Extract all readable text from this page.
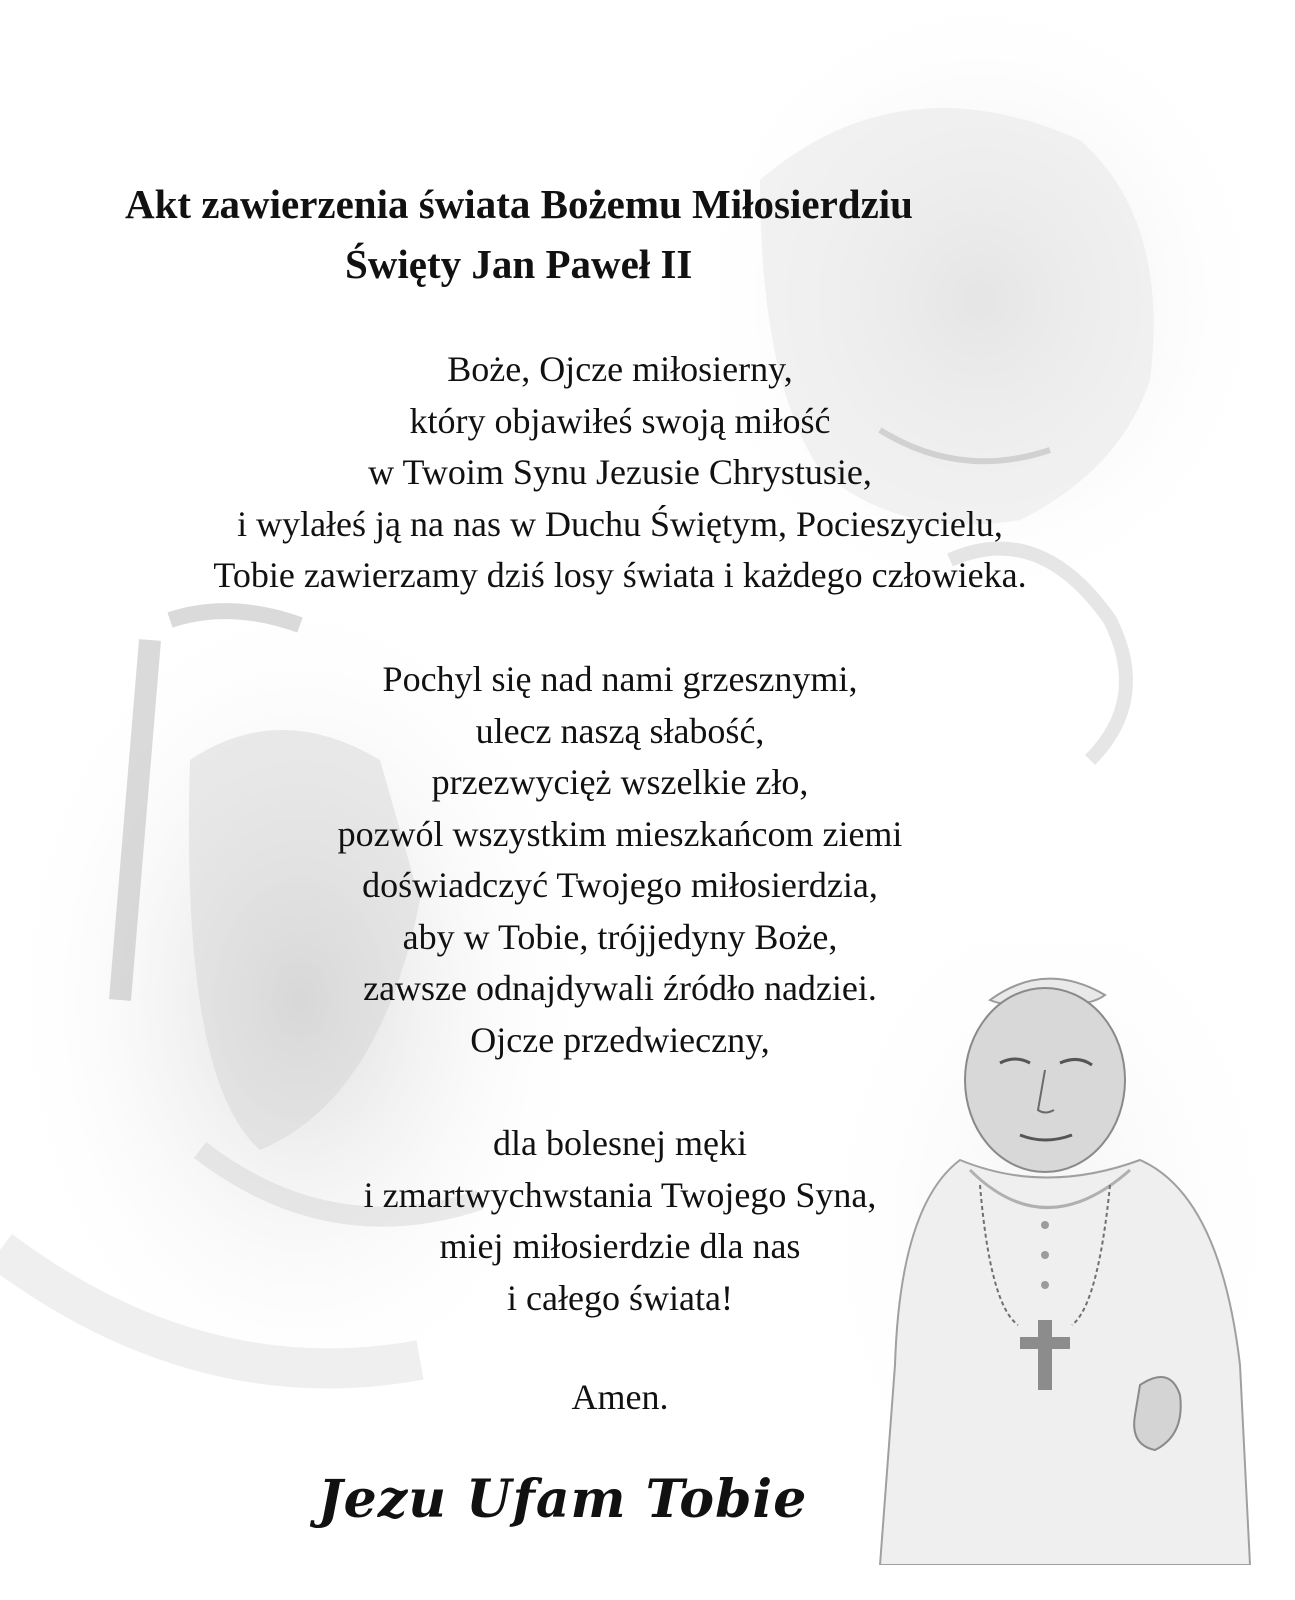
Akt zawierzenia świata Bożemu Miłosierdziu
Święty Jan Paweł II

Boże, Ojcze miłosierny,
który objawiłeś swoją miłość
w Twoim Synu Jezusie Chrystusie,
i wylałeś ją na nas w Duchu Świętym, Pocieszycielu,
Tobie zawierzamy dziś losy świata i każdego człowieka.

Pochyl się nad nami grzesznymi,
ulecz naszą słabość,
przezwycięż wszelkie zło,
pozwól wszystkim mieszkańcom ziemi
doświadczyć Twojego miłosierdzia,
aby w Tobie, trójjedyny Boże,
zawsze odnajdywali źródło nadziei.
Ojcze przedwieczny,

dla bolesnej męki
i zmartwychwstania Twojego Syna,
miej miłosierdzie dla nas
i całego świata!

Amen.
Jezu Ufam Tobie
